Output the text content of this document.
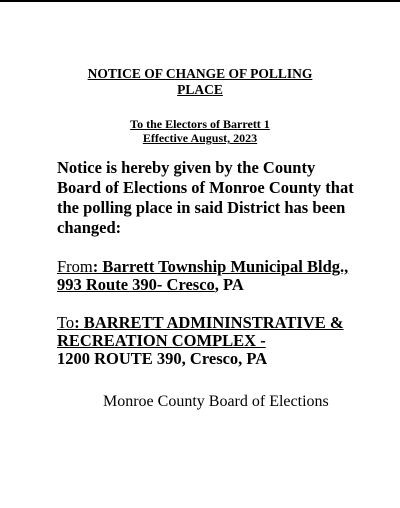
NOTICE OF CHANGE OF POLLING
PLACE
To the Electors of Barrett 1
Effective August, 2023
Notice is hereby given by the County Board of Elections of Monroe County that the polling place in said District has been changed:
From: Barrett Township Municipal Bldg.,
993 Route 390- Cresco, PA
To: BARRETT ADMININSTRATIVE &
RECREATION COMPLEX -
1200 ROUTE 390, Cresco, PA
Monroe County Board of Elections
